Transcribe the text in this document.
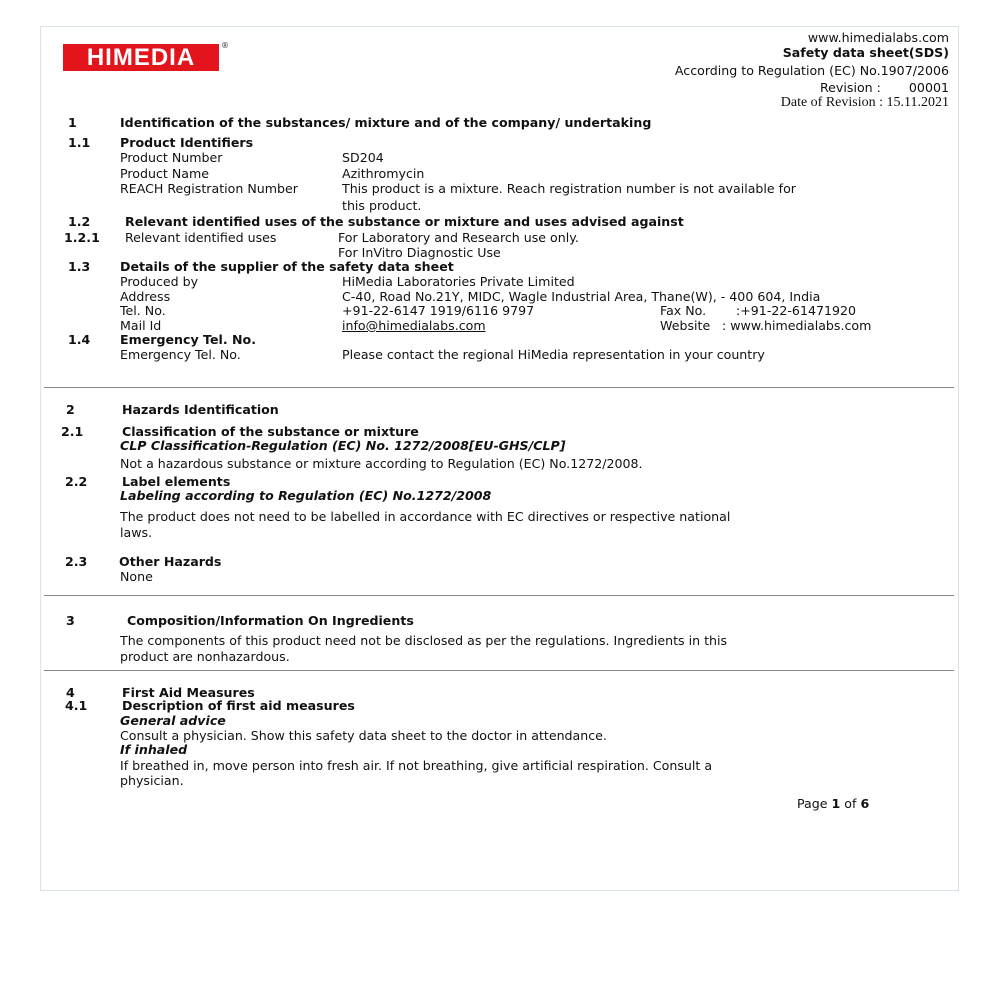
HIMEDIA	®
www.himedialabs.com
Safety data sheet(SDS)
According to Regulation (EC) No.1907/2006
Revision : 00001
Date of Revision : 15.11.2021
1	Identification of the substances/ mixture and of the company/ undertaking
1.1 Product Identifiers
Product Number	SD204
Product Name	Azithromycin
REACH Registration Number	This product is a mixture. Reach registration number is not available for
this product.
1.2	Relevant identified uses of the substance or mixture and uses advised against
1.2.1 Relevant identified uses	For Laboratory and Research use only.
For InVitro Diagnostic Use
1.3 Details of the supplier of the safety data sheet
Produced by	HiMedia Laboratories Private Limited
Address	C-40, Road No.21Y, MIDC, Wagle Industrial Area, Thane(W), - 400 604, India
Tel. No.	+91-22-6147 1919/6116 9797	Fax No. :+91-22-61471920
Mail Id	info@himedialabs.com	Website : www.himedialabs.com
1.4 Emergency Tel. No.
Emergency Tel. No.	Please contact the regional HiMedia representation in your country
2	Hazards Identification
2.1	Classification of the substance or mixture
CLP Classification-Regulation (EC) No. 1272/2008[EU-GHS/CLP]
Not a hazardous substance or mixture according to Regulation (EC) No.1272/2008.
2.2	Label elements
Labeling according to Regulation (EC) No.1272/2008
The product does not need to be labelled in accordance with EC directives or respective national
laws.
2.3	Other Hazards
None
3	Composition/Information On Ingredients
The components of this product need not be disclosed as per the regulations. Ingredients in this
product are nonhazardous.
4	First Aid Measures
4.1	Description of first aid measures
General advice
Consult a physician. Show this safety data sheet to the doctor in attendance.
If inhaled
If breathed in, move person into fresh air. If not breathing, give artificial respiration. Consult a
physician.
Page 1 of 6
